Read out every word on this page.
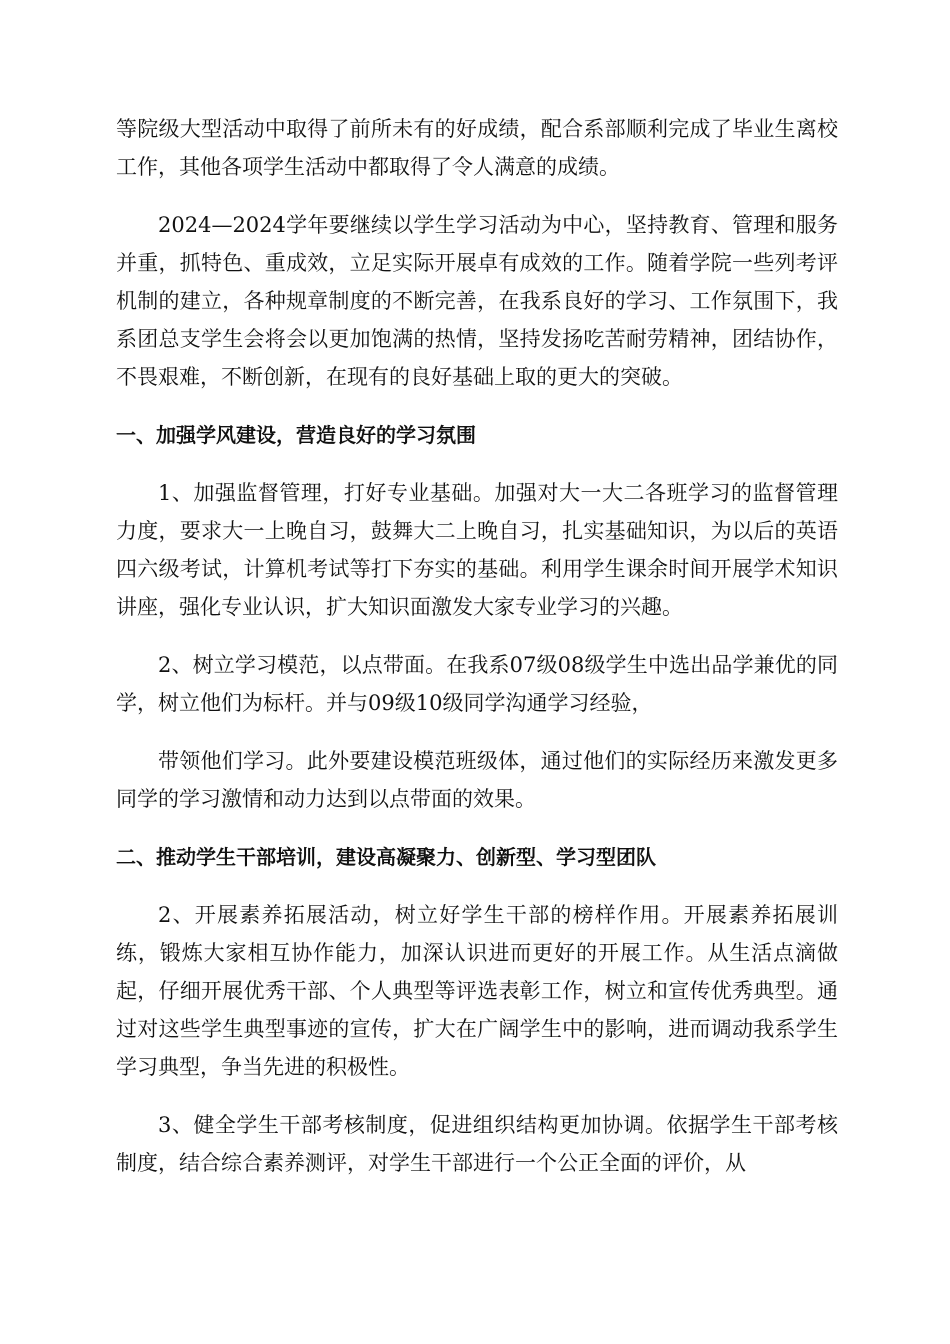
等院级大型活动中取得了前所未有的好成绩，配合系部顺利完成了毕业生离校工作，其他各项学生活动中都取得了令人满意的成绩。

2024—2024学年要继续以学生学习活动为中心，坚持教育、管理和服务并重，抓特色、重成效，立足实际开展卓有成效的工作。随着学院一些列考评机制的建立，各种规章制度的不断完善，在我系良好的学习、工作氛围下，我系团总支学生会将会以更加饱满的热情，坚持发扬吃苦耐劳精神，团结协作，不畏艰难，不断创新，在现有的良好基础上取的更大的突破。

一、加强学风建设，营造良好的学习氛围

1、加强监督管理，打好专业基础。加强对大一大二各班学习的监督管理力度，要求大一上晚自习，鼓舞大二上晚自习，扎实基础知识，为以后的英语四六级考试，计算机考试等打下夯实的基础。利用学生课余时间开展学术知识讲座，强化专业认识，扩大知识面激发大家专业学习的兴趣。

2、树立学习模范，以点带面。在我系07级08级学生中选出品学兼优的同学，树立他们为标杆。并与09级10级同学沟通学习经验，

带领他们学习。此外要建设模范班级体，通过他们的实际经历来激发更多同学的学习激情和动力达到以点带面的效果。

二、推动学生干部培训，建设高凝聚力、创新型、学习型团队

2、开展素养拓展活动，树立好学生干部的榜样作用。开展素养拓展训练，锻炼大家相互协作能力，加深认识进而更好的开展工作。从生活点滴做起，仔细开展优秀干部、个人典型等评选表彰工作，树立和宣传优秀典型。通过对这些学生典型事迹的宣传，扩大在广阔学生中的影响，进而调动我系学生学习典型，争当先进的积极性。

3、健全学生干部考核制度，促进组织结构更加协调。依据学生干部考核制度，结合综合素养测评，对学生干部进行一个公正全面的评价，从
